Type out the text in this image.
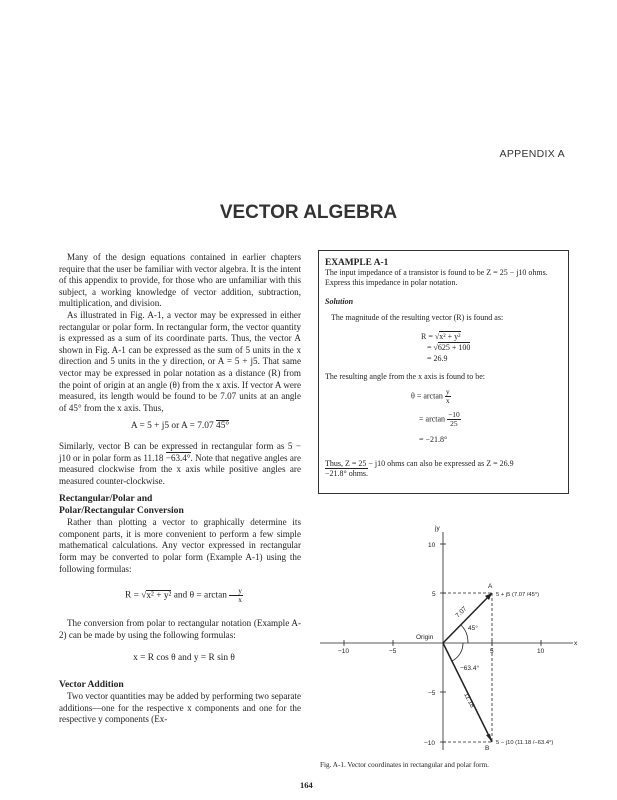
APPENDIX A
VECTOR ALGEBRA

Many of the design equations contained in earlier chapters require that the user be familiar with vector algebra. It is the intent of this appendix to provide, for those who are unfamiliar with this subject, a working knowledge of vector addition, subtraction, multiplication, and division.

As illustrated in Fig. A-1, a vector may be expressed in either rectangular or polar form. In rectangular form, the vector quantity is expressed as a sum of its coordinate parts. Thus, the vector A shown in Fig. A-1 can be expressed as the sum of 5 units in the x direction and 5 units in the y direction, or A = 5 + j5. That same vector may be expressed in polar notation as a distance (R) from the point of origin at an angle (θ) from the x axis. If vector A were measured, its length would be found to be 7.07 units at an angle of 45° from the x axis. Thus,

A = 5 + j5 or A = 7.07 45°

Similarly, vector B can be expressed in rectangular form as 5 − j10 or in polar form as 11.18 −63.4°. Note that negative angles are measured clockwise from the x axis while positive angles are measured counter-clockwise.

Rectangular/Polar and
Polar/Rectangular Conversion

Rather than plotting a vector to graphically determine its component parts, it is more convenient to perform a few simple mathematical calculations. Any vector expressed in rectangular form may be converted to polar form (Example A-1) using the following formulas:

R = √x² + y² and $\theta = \arctan \frac{y}{x}$

The conversion from polar to rectangular notation (Example A-2) can be made by using the following formulas:

x = R cos θ and y = R sin θ

Vector Addition

Two vector quantities may be added by performing two separate additions—one for the respective x components and one for the respective y components (Ex-

EXAMPLE A-1

The input impedance of a transistor is found to be Z = 25 − j10 ohms. Express this impedance in polar notation.

Solution

The magnitude of the resulting vector (R) is found as:

R = √x² + y²
= √625 + 100
= 26.9

The resulting angle from the x axis is found to be:

$\theta = \arctan \frac{y}{x}$
= $\arctan \frac{-10}{25}$
= −21.8°

Thus, Z = 25 − j10 ohms can also be expressed as Z = 26.9
−21.8° ohms.

jy
x
Origin
−10	−5	5	10
10
5
−5
−10
A
B
5 + j5 (7.07 /45°)
5 − j10 (11.18 /−63.4°)
7.07
11.18
45°
−63.4°
Fig. A-1. Vector coordinates in rectangular and polar form.
164
